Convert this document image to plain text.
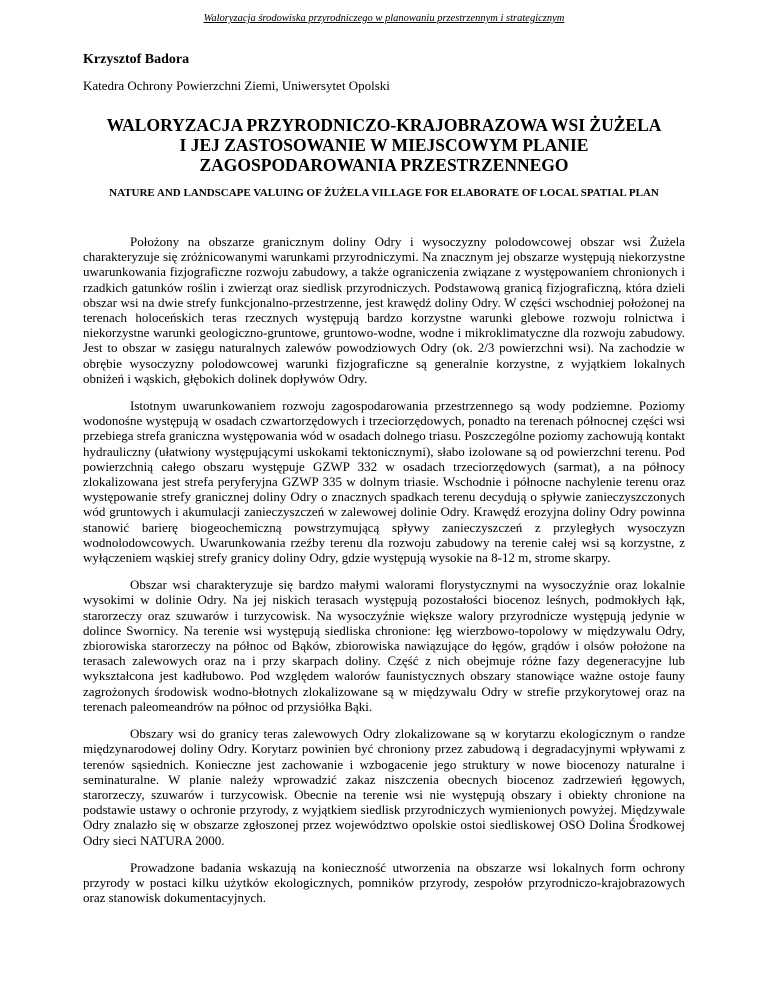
Waloryzacja środowiska przyrodniczego w planowaniu przestrzennym i strategicznym

Krzysztof Badora

Katedra Ochrony Powierzchni Ziemi, Uniwersytet Opolski

WALORYZACJA PRZYRODNICZO-KRAJOBRAZOWA WSI ŻUŻELA
I JEJ ZASTOSOWANIE W MIEJSCOWYM PLANIE
ZAGOSPODAROWANIA PRZESTRZENNEGO
NATURE AND LANDSCAPE VALUING OF ŻUŻELA VILLAGE FOR ELABORATE OF LOCAL SPATIAL PLAN

Położony na obszarze granicznym doliny Odry i wysoczyzny polodowcowej obszar wsi Żużela charakteryzuje się zróżnicowanymi warunkami przyrodniczymi. Na znacznym jej obszarze występują niekorzystne uwarunkowania fizjograficzne rozwoju zabudowy, a także ograniczenia związane z występowaniem chronionych i rzadkich gatunków roślin i zwierząt oraz siedlisk przyrodniczych. Podstawową granicą fizjograficzną, która dzieli obszar wsi na dwie strefy funkcjonalno-przestrzenne, jest krawędź doliny Odry. W części wschodniej położonej na terenach holoceńskich teras rzecznych występują bardzo korzystne warunki glebowe rozwoju rolnictwa i niekorzystne warunki geologiczno-gruntowe, gruntowo-wodne, wodne i mikroklimatyczne dla rozwoju zabudowy. Jest to obszar w zasięgu naturalnych zalewów powodziowych Odry (ok. 2/3 powierzchni wsi). Na zachodzie w obrębie wysoczyzny polodowcowej warunki fizjograficzne są generalnie korzystne, z wyjątkiem lokalnych obniżeń i wąskich, głębokich dolinek dopływów Odry.

Istotnym uwarunkowaniem rozwoju zagospodarowania przestrzennego są wody podziemne. Poziomy wodonośne występują w osadach czwartorzędowych i trzeciorzędowych, ponadto na terenach północnej części wsi przebiega strefa graniczna występowania wód w osadach dolnego triasu. Poszczególne poziomy zachowują kontakt hydrauliczny (ułatwiony występującymi uskokami tektonicznymi), słabo izolowane są od powierzchni terenu. Pod powierzchnią całego obszaru występuje GZWP 332 w osadach trzeciorzędowych (sarmat), a na północy zlokalizowana jest strefa peryferyjna GZWP 335 w dolnym triasie. Wschodnie i północne nachylenie terenu oraz występowanie strefy granicznej doliny Odry o znacznych spadkach terenu decydują o spływie zanieczyszczonych wód gruntowych i akumulacji zanieczyszczeń w zalewowej dolinie Odry. Krawędź erozyjna doliny Odry powinna stanowić barierę biogeochemiczną powstrzymującą spływy zanieczyszczeń z przyległych wysoczyzn wodnolodowcowych. Uwarunkowania rzeźby terenu dla rozwoju zabudowy na terenie całej wsi są korzystne, z wyłączeniem wąskiej strefy granicy doliny Odry, gdzie występują wysokie na 8-12 m, strome skarpy.

Obszar wsi charakteryzuje się bardzo małymi walorami florystycznymi na wysoczyźnie oraz lokalnie wysokimi w dolinie Odry. Na jej niskich terasach występują pozostałości biocenoz leśnych, podmokłych łąk, starorzeczy oraz szuwarów i turzycowisk. Na wysoczyźnie większe walory przyrodnicze występują jedynie w dolince Swornicy. Na terenie wsi występują siedliska chronione: łęg wierzbowo-topolowy w międzywalu Odry, zbiorowiska starorzeczy na północ od Bąków, zbiorowiska nawiązujące do łęgów, grądów i olsów położone na terasach zalewowych oraz na i przy skarpach doliny. Część z nich obejmuje różne fazy degeneracyjne lub wykształcona jest kadłubowo. Pod względem walorów faunistycznych obszary stanowiące ważne ostoje fauny zagrożonych środowisk wodno-błotnych zlokalizowane są w międzywalu Odry w strefie przykorytowej oraz na terenach paleomeandrów na północ od przysiółka Bąki.

Obszary wsi do granicy teras zalewowych Odry zlokalizowane są w korytarzu ekologicznym o randze międzynarodowej doliny Odry. Korytarz powinien być chroniony przez zabudową i degradacyjnymi wpływami z terenów sąsiednich. Konieczne jest zachowanie i wzbogacenie jego struktury w nowe biocenozy naturalne i seminaturalne. W planie należy wprowadzić zakaz niszczenia obecnych biocenoz zadrzewień łęgowych, starorzeczy, szuwarów i turzycowisk. Obecnie na terenie wsi nie występują obszary i obiekty chronione na podstawie ustawy o ochronie przyrody, z wyjątkiem siedlisk przyrodniczych wymienionych powyżej. Międzywale Odry znalazło się w obszarze zgłoszonej przez województwo opolskie ostoi siedliskowej OSO Dolina Środkowej Odry sieci NATURA 2000.

Prowadzone badania wskazują na konieczność utworzenia na obszarze wsi lokalnych form ochrony przyrody w postaci kilku użytków ekologicznych, pomników przyrody, zespołów przyrodniczo-krajobrazowych oraz stanowisk dokumentacyjnych.
